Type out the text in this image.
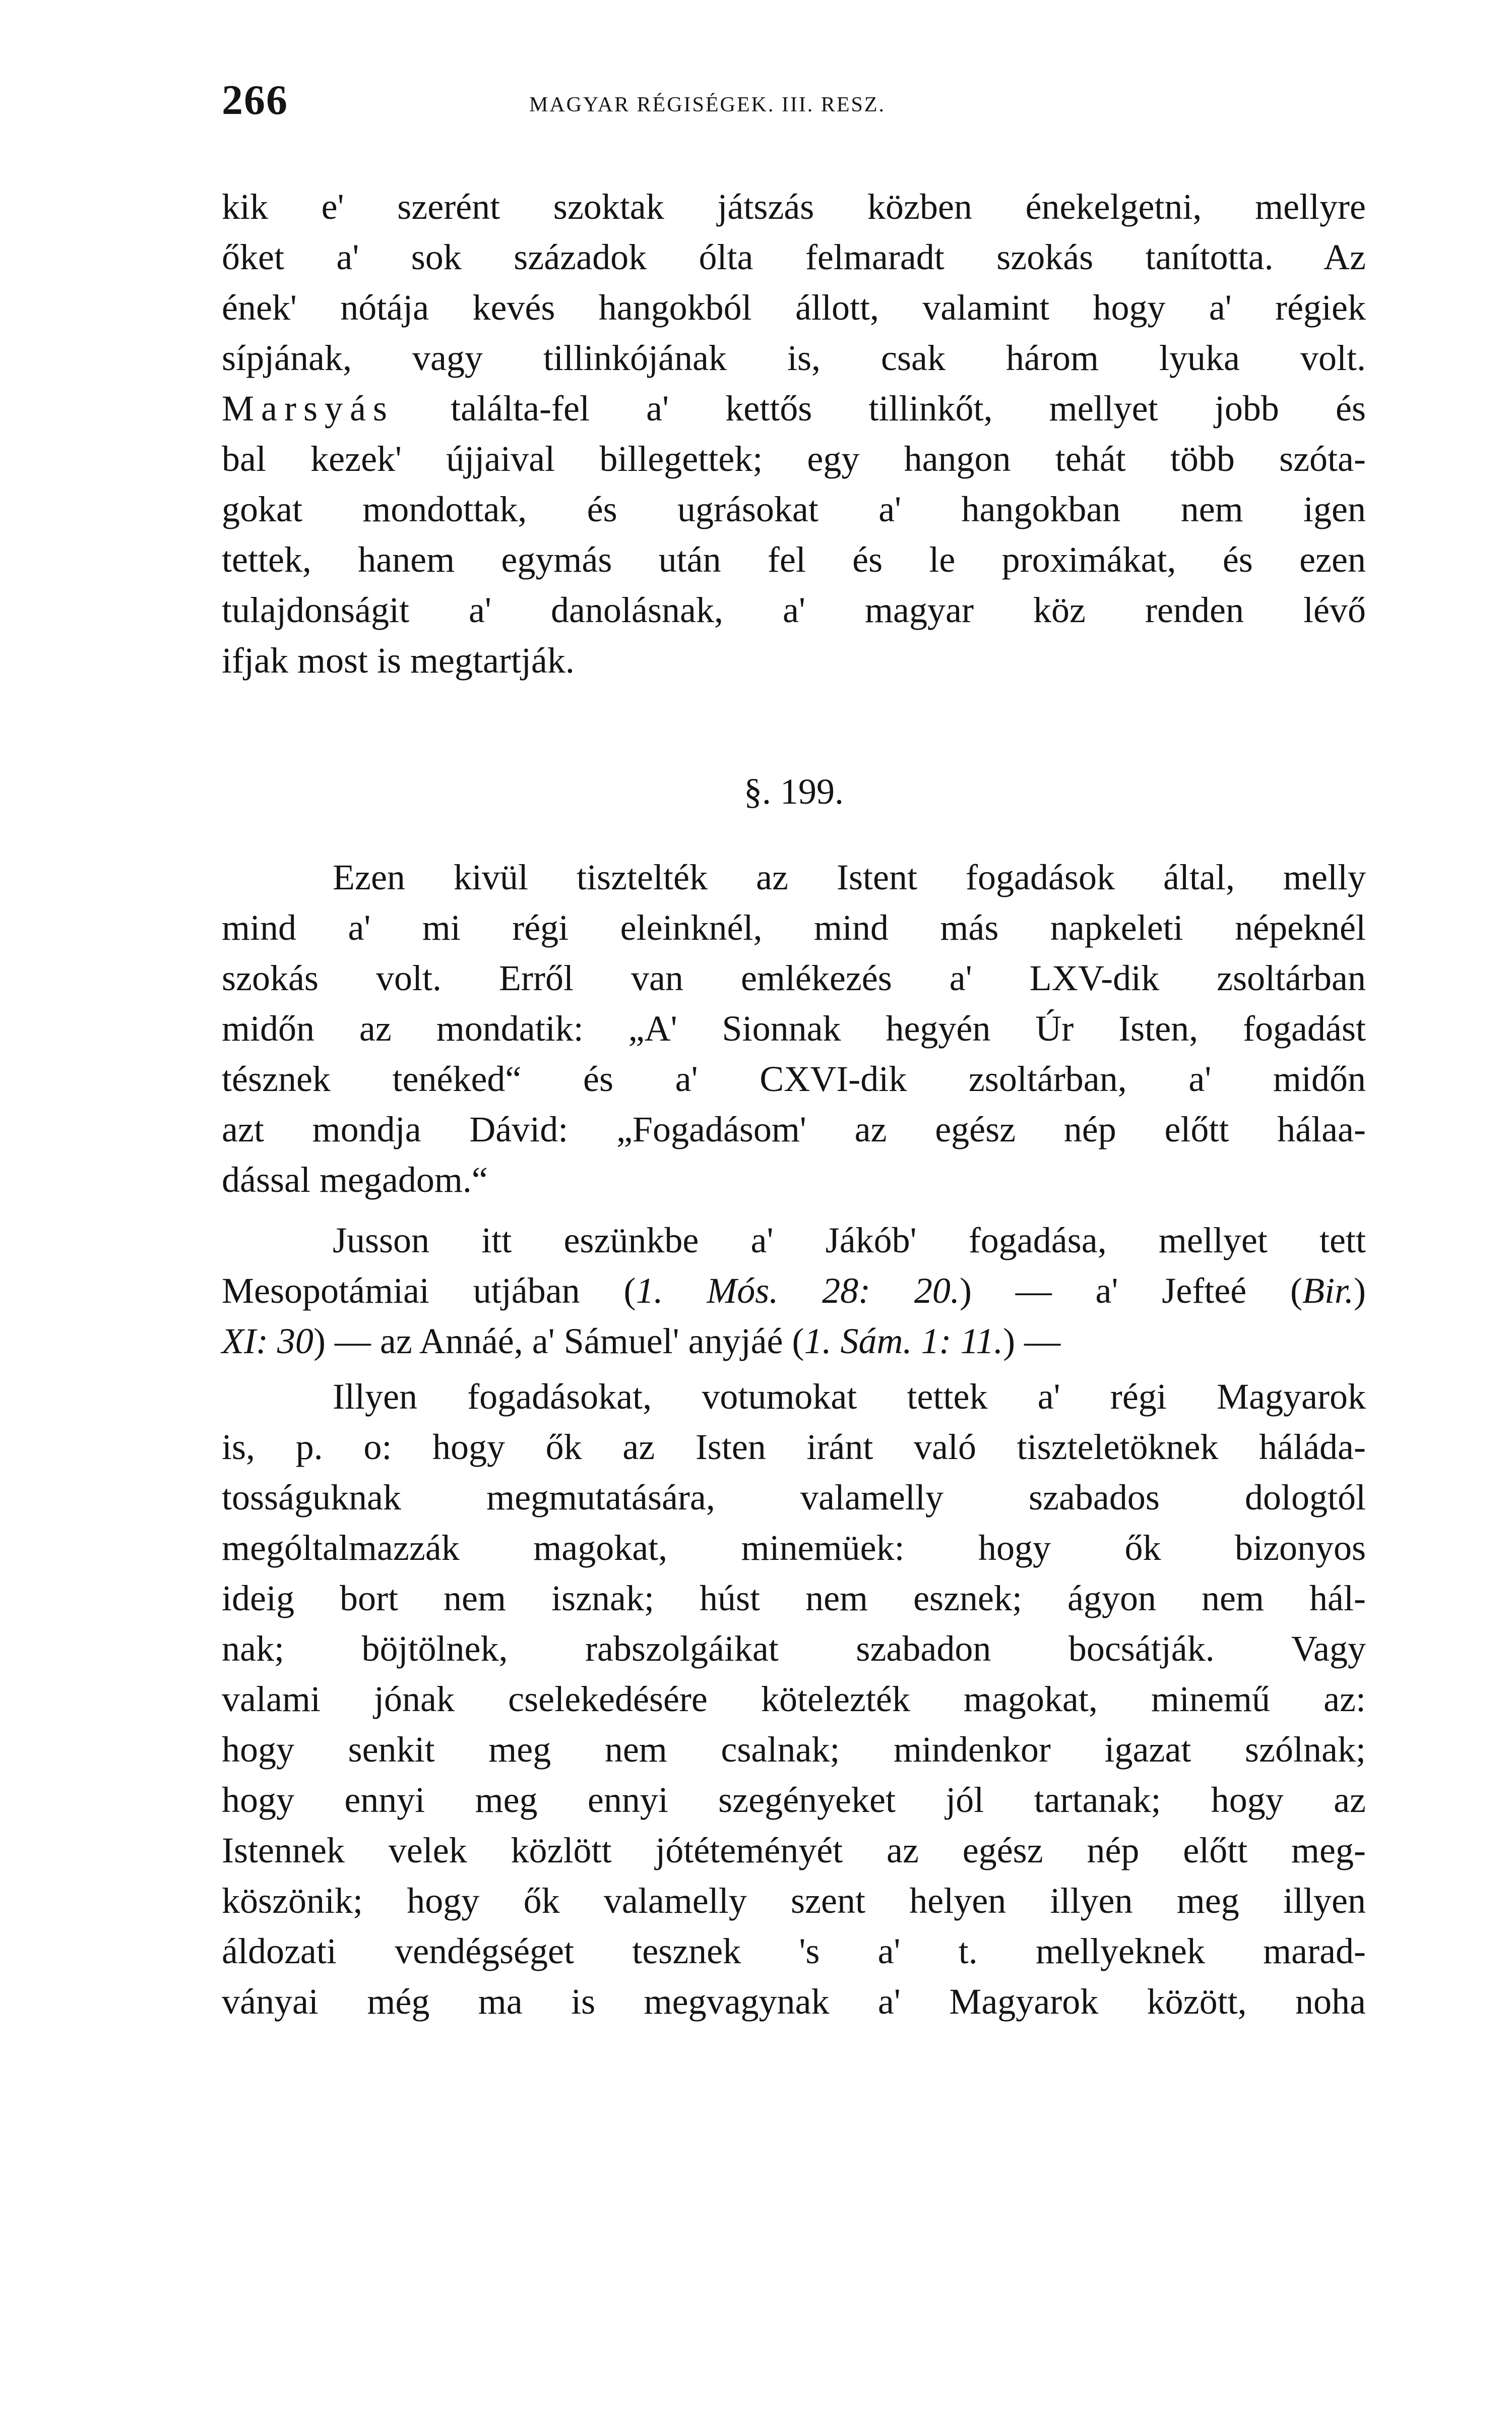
266	MAGYAR RÉGISÉGEK. III. RESZ.
kik e' szerént szoktak játszás közben énekelgetni, mellyre
őket a' sok századok ólta felmaradt szokás tanította. Az
ének' nótája kevés hangokból állott, valamint hogy a' régiek
sípjának, vagy tillinkójának is, csak három lyuka volt.
Marsyás találta-fel a' kettős tillinkőt, mellyet jobb és
bal kezek' újjaival billegettek; egy hangon tehát több szóta-
gokat mondottak, és ugrásokat a' hangokban nem igen
tettek, hanem egymás után fel és le proximákat, és ezen
tulajdonságit a' danolásnak, a' magyar köz renden lévő
ifjak most is megtartják.
§. 199.
Ezen kivül tisztelték az Istent fogadások által, melly
mind a' mi régi eleinknél, mind más napkeleti népeknél
szokás volt. Erről van emlékezés a' LXV-dik zsoltárban
midőn az mondatik: „A' Sionnak hegyén Úr Isten, fogadást
tésznek tenéked“ és a' CXVI-dik zsoltárban, a' midőn
azt mondja Dávid: „Fogadásom' az egész nép előtt hálaa-
dással megadom.“
Jusson itt eszünkbe a' Jákób' fogadása, mellyet tett
Mesopotámiai utjában (1. Mós. 28: 20.) — a' Jefteé (Bir.)
XI: 30) — az Annáé, a' Sámuel' anyjáé (1. Sám. 1: 11.) —
Illyen fogadásokat, votumokat tettek a' régi Magyarok
is, p. o: hogy ők az Isten iránt való tiszteletöknek háláda-
tosságuknak megmutatására, valamelly szabados dologtól
mególtalmazzák magokat, minemüek: hogy ők bizonyos
ideig bort nem isznak; húst nem esznek; ágyon nem hál-
nak; böjtölnek, rabszolgáikat szabadon bocsátják. Vagy
valami jónak cselekedésére kötelezték magokat, minemű az:
hogy senkit meg nem csalnak; mindenkor igazat szólnak;
hogy ennyi meg ennyi szegényeket jól tartanak; hogy az
Istennek velek közlött jótéteményét az egész nép előtt meg-
köszönik; hogy ők valamelly szent helyen illyen meg illyen
áldozati vendégséget tesznek 's a' t. mellyeknek marad-
ványai még ma is megvagynak a' Magyarok között, noha
